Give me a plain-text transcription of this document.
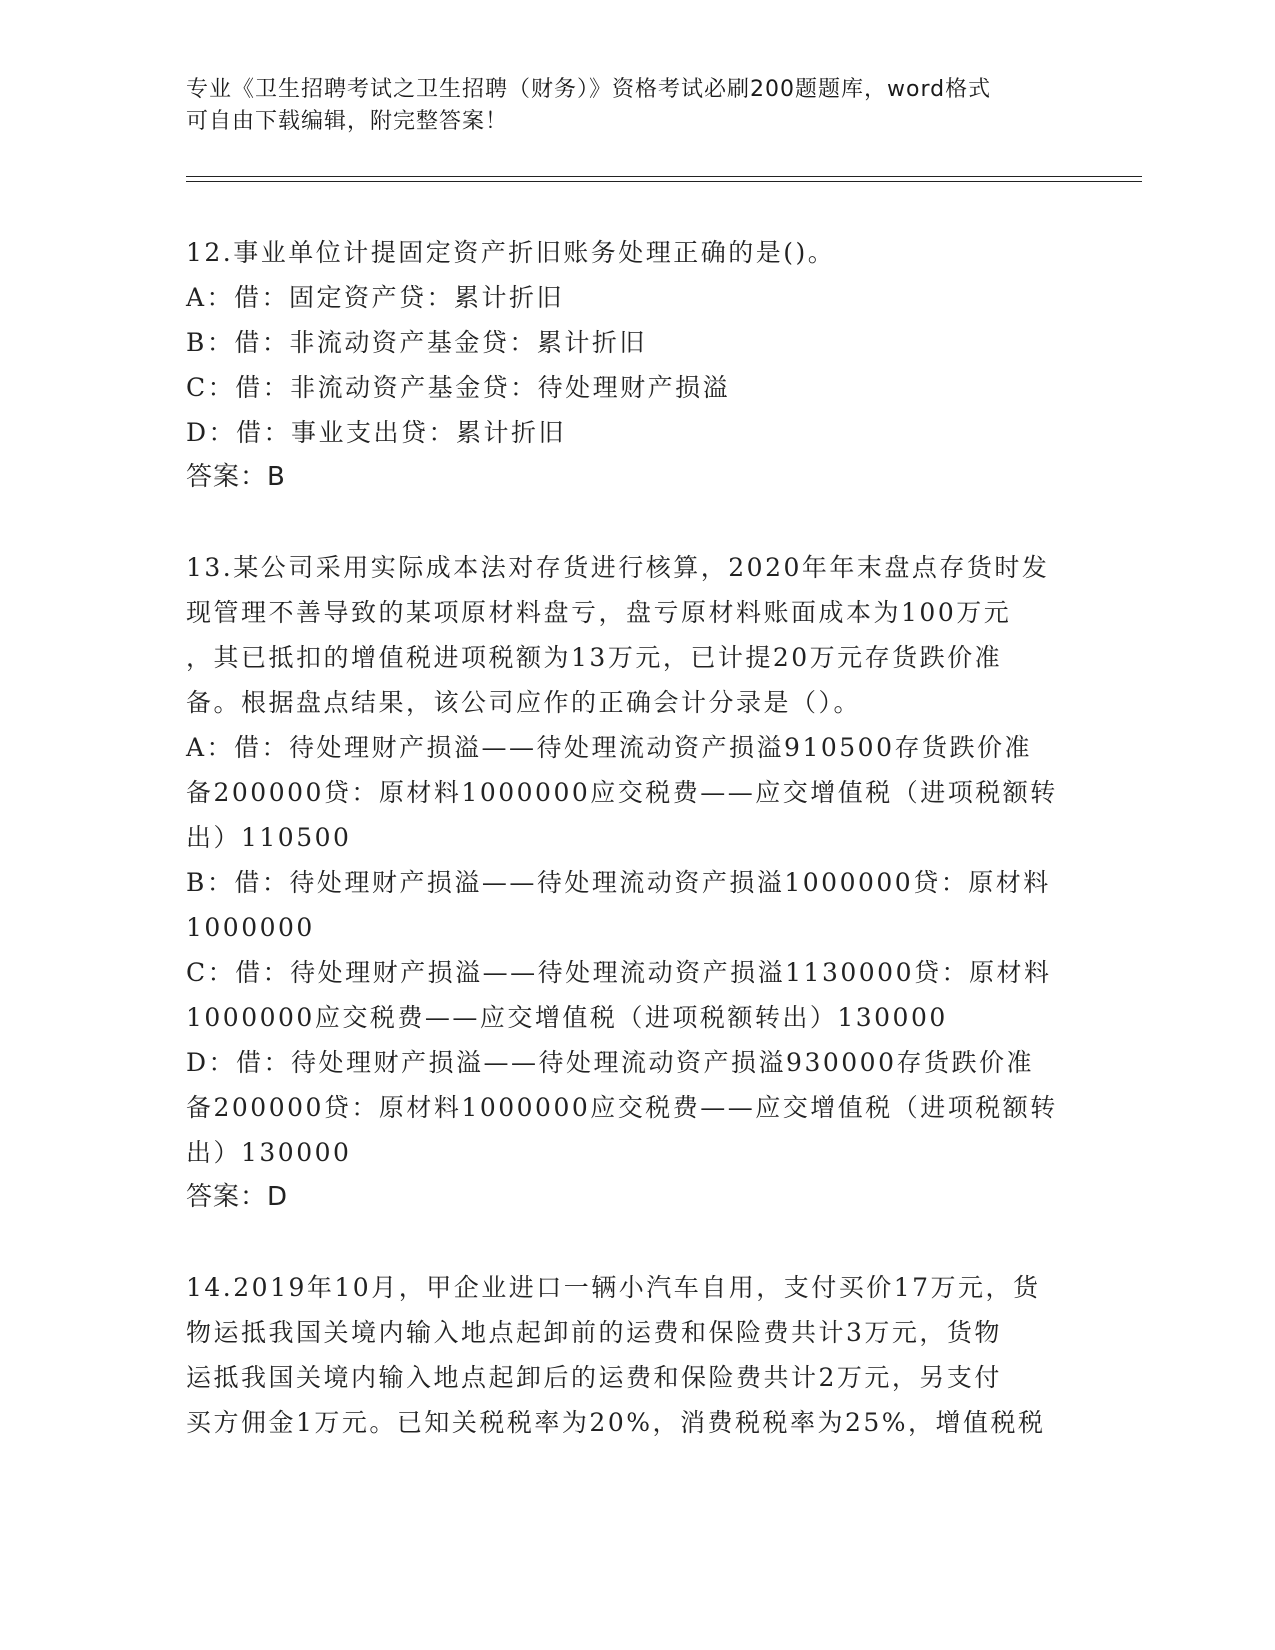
专业《卫生招聘考试之卫生招聘（财务）》资格考试必刷200题题库，word格式
可自由下载编辑，附完整答案！
12.事业单位计提固定资产折旧账务处理正确的是()。
A：借：固定资产贷：累计折旧
B：借：非流动资产基金贷：累计折旧
C：借：非流动资产基金贷：待处理财产损溢
D：借：事业支出贷：累计折旧
答案：B
13.某公司采用实际成本法对存货进行核算，2020年年末盘点存货时发
现管理不善导致的某项原材料盘亏，盘亏原材料账面成本为100万元
，其已抵扣的增值税进项税额为13万元，已计提20万元存货跌价准
备。根据盘点结果，该公司应作的正确会计分录是（）。
A：借：待处理财产损溢——待处理流动资产损溢910500存货跌价准
备200000贷：原材料1000000应交税费——应交增值税（进项税额转
出）110500
B：借：待处理财产损溢——待处理流动资产损溢1000000贷：原材料
1000000
C：借：待处理财产损溢——待处理流动资产损溢1130000贷：原材料
1000000应交税费——应交增值税（进项税额转出）130000
D：借：待处理财产损溢——待处理流动资产损溢930000存货跌价准
备200000贷：原材料1000000应交税费——应交增值税（进项税额转
出）130000
答案：D
14.2019年10月，甲企业进口一辆小汽车自用，支付买价17万元，货
物运抵我国关境内输入地点起卸前的运费和保险费共计3万元，货物
运抵我国关境内输入地点起卸后的运费和保险费共计2万元，另支付
买方佣金1万元。已知关税税率为20%，消费税税率为25%，增值税税
